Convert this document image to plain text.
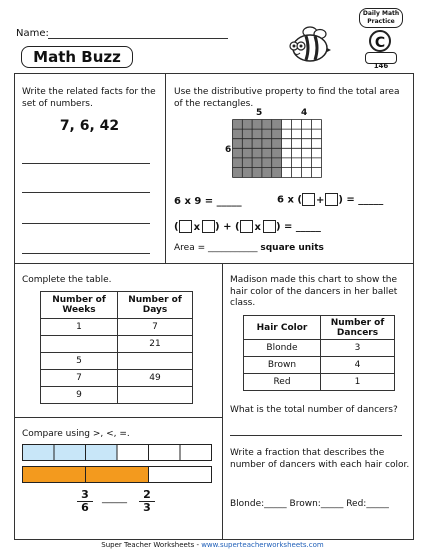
Name:
Math Buzz
Daily Math
Practice
C
146
Write the related facts for the set of numbers.
7, 6, 42
Use the distributive property to find the total area of the rectangles.
5	4
6
6 x 9 = _____	6 x ( + ) = _____
( x ) + ( x ) = _____
Area = ___________ square units
Complete the table.
Number of Weeks	Number of Days
1	7
	21
5	
7	49
9	
Compare using >, <, =.
$\frac{3}{6}$ _____ $\frac{2}{3}$
Madison made this chart to show the hair color of the dancers in her ballet class.
Hair Color	Number of Dancers
Blonde	3
Brown	4
Red	1
What is the total number of dancers?
Write a fraction that describes the number of dancers with each hair color.
Blonde:_____ Brown:_____ Red:_____
Super Teacher Worksheets - www.superteacherworksheets.com
